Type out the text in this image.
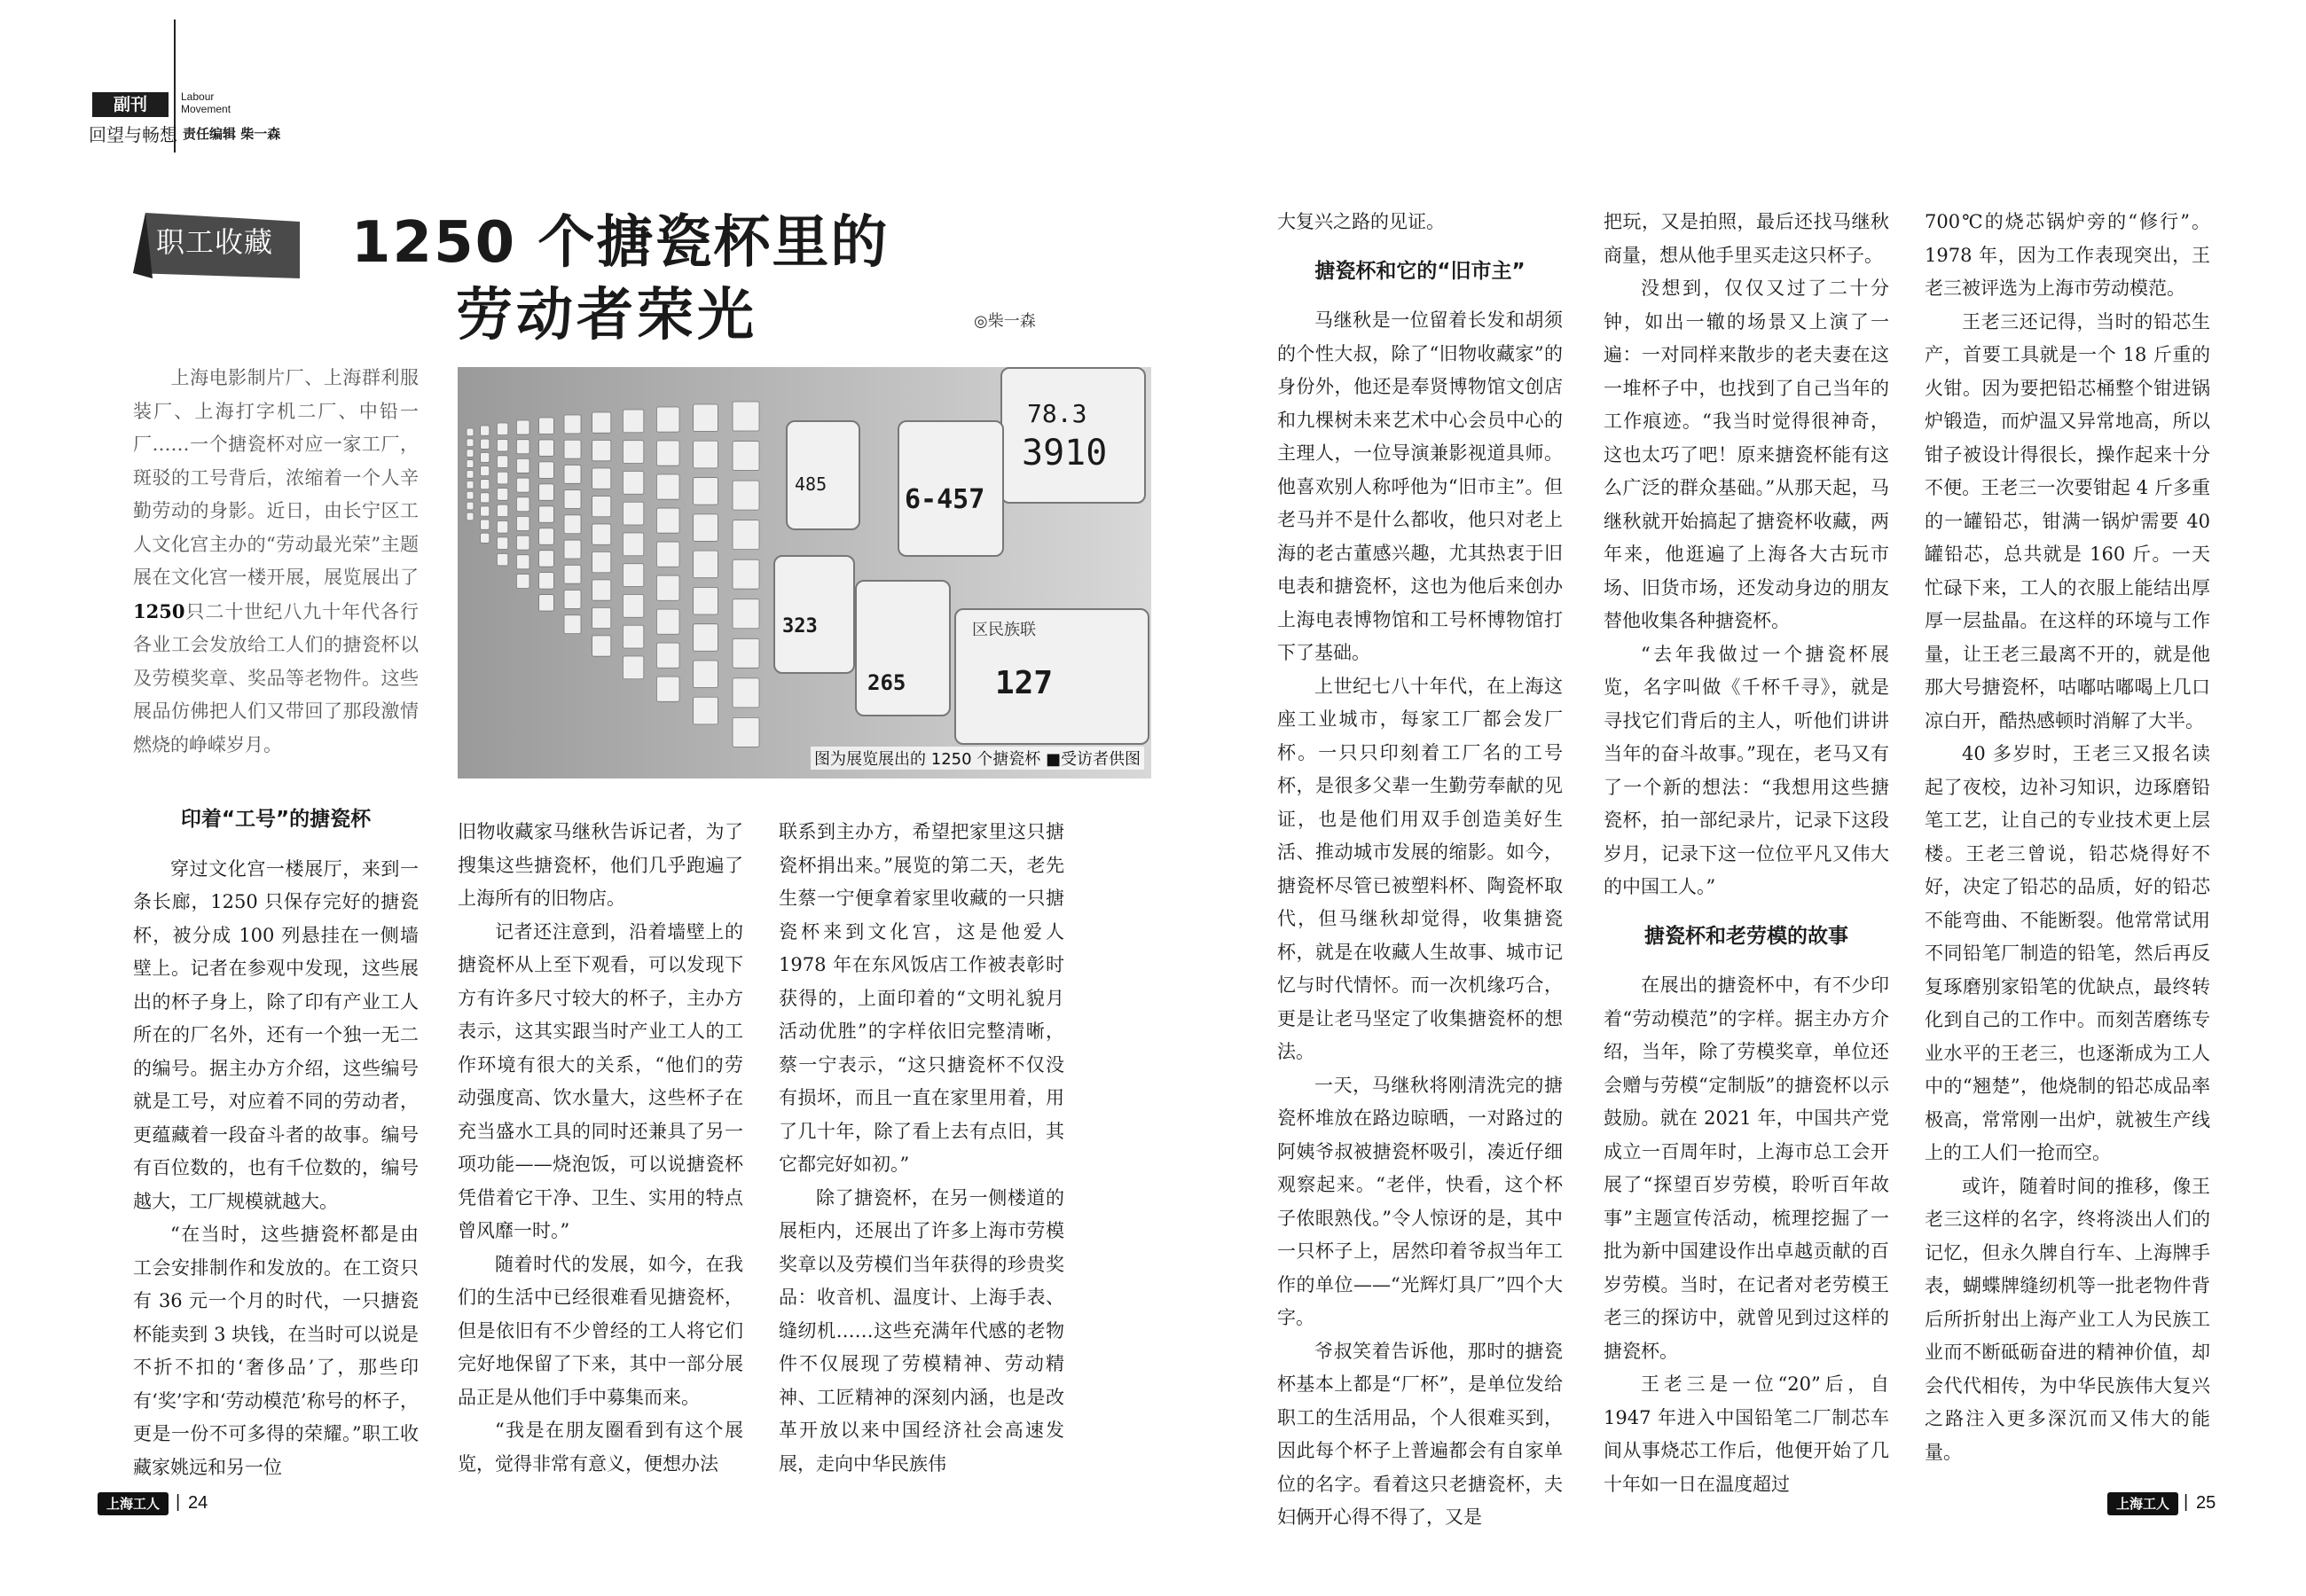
副刊	Labour
Movement
回望与畅想 责任编辑 柴一森
职工收藏 1250 个搪瓷杯里的
劳动者荣光	◎柴一森
上海电影制片厂、上海群利服装厂、上海打字机二厂、中铅一厂……一个搪瓷杯对应一家工厂，斑驳的工号背后，浓缩着一个人辛勤劳动的身影。近日，由长宁区工人文化宫主办的“劳动最光荣”主题展在文化宫一楼开展，展览展出了1250只二十世纪八九十年代各行各业工会发放给工人们的搪瓷杯以及劳模奖章、奖品等老物件。这些展品仿佛把人们又带回了那段激情燃烧的峥嵘岁月。
78.3
3910
6-457
区民族联
127
265
323
485
图为展览展出的 1250 个搪瓷杯 ■受访者供图
印着“工号”的搪瓷杯

穿过文化宫一楼展厅，来到一条长廊，1250 只保存完好的搪瓷杯，被分成 100 列悬挂在一侧墙壁上。记者在参观中发现，这些展出的杯子身上，除了印有产业工人所在的厂名外，还有一个独一无二的编号。据主办方介绍，这些编号就是工号，对应着不同的劳动者，更蕴藏着一段奋斗者的故事。编号有百位数的，也有千位数的，编号越大，工厂规模就越大。

“在当时，这些搪瓷杯都是由工会安排制作和发放的。在工资只有 36 元一个月的时代，一只搪瓷杯能卖到 3 块钱，在当时可以说是不折不扣的‘奢侈品’了，那些印有‘奖’字和‘劳动模范’称号的杯子，更是一份不可多得的荣耀。”职工收藏家姚远和另一位

旧物收藏家马继秋告诉记者，为了搜集这些搪瓷杯，他们几乎跑遍了上海所有的旧物店。

记者还注意到，沿着墙壁上的搪瓷杯从上至下观看，可以发现下方有许多尺寸较大的杯子，主办方表示，这其实跟当时产业工人的工作环境有很大的关系，“他们的劳动强度高、饮水量大，这些杯子在充当盛水工具的同时还兼具了另一项功能——烧泡饭，可以说搪瓷杯凭借着它干净、卫生、实用的特点曾风靡一时。”

随着时代的发展，如今，在我们的生活中已经很难看见搪瓷杯，但是依旧有不少曾经的工人将它们完好地保留了下来，其中一部分展品正是从他们手中募集而来。

“我是在朋友圈看到有这个展览，觉得非常有意义，便想办法

联系到主办方，希望把家里这只搪瓷杯捐出来。”展览的第二天，老先生蔡一宁便拿着家里收藏的一只搪瓷杯来到文化宫，这是他爱人 1978 年在东风饭店工作被表彰时获得的，上面印着的“文明礼貌月活动优胜”的字样依旧完整清晰，蔡一宁表示，“这只搪瓷杯不仅没有损坏，而且一直在家里用着，用了几十年，除了看上去有点旧，其它都完好如初。”

除了搪瓷杯，在另一侧楼道的展柜内，还展出了许多上海市劳模奖章以及劳模们当年获得的珍贵奖品：收音机、温度计、上海手表、缝纫机……这些充满年代感的老物件不仅展现了劳模精神、劳动精神、工匠精神的深刻内涵，也是改革开放以来中国经济社会高速发展，走向中华民族伟

大复兴之路的见证。

搪瓷杯和它的“旧市主”

马继秋是一位留着长发和胡须的个性大叔，除了“旧物收藏家”的身份外，他还是奉贤博物馆文创店和九棵树未来艺术中心会员中心的主理人，一位导演兼影视道具师。他喜欢别人称呼他为“旧市主”。但老马并不是什么都收，他只对老上海的老古董感兴趣，尤其热衷于旧电表和搪瓷杯，这也为他后来创办上海电表博物馆和工号杯博物馆打下了基础。

上世纪七八十年代，在上海这座工业城市，每家工厂都会发厂杯。一只只印刻着工厂名的工号杯，是很多父辈一生勤劳奉献的见证，也是他们用双手创造美好生活、推动城市发展的缩影。如今，搪瓷杯尽管已被塑料杯、陶瓷杯取代，但马继秋却觉得，收集搪瓷杯，就是在收藏人生故事、城市记忆与时代情怀。而一次机缘巧合，更是让老马坚定了收集搪瓷杯的想法。

一天，马继秋将刚清洗完的搪瓷杯堆放在路边晾晒，一对路过的阿姨爷叔被搪瓷杯吸引，凑近仔细观察起来。“老伴，快看，这个杯子侬眼熟伐。”令人惊讶的是，其中一只杯子上，居然印着爷叔当年工作的单位——“光辉灯具厂”四个大字。

爷叔笑着告诉他，那时的搪瓷杯基本上都是“厂杯”，是单位发给职工的生活用品，个人很难买到，因此每个杯子上普遍都会有自家单位的名字。看着这只老搪瓷杯，夫妇俩开心得不得了，又是

把玩，又是拍照，最后还找马继秋商量，想从他手里买走这只杯子。

没想到，仅仅又过了二十分钟，如出一辙的场景又上演了一遍：一对同样来散步的老夫妻在这一堆杯子中，也找到了自己当年的工作痕迹。“我当时觉得很神奇，这也太巧了吧！原来搪瓷杯能有这么广泛的群众基础。”从那天起，马继秋就开始搞起了搪瓷杯收藏，两年来，他逛遍了上海各大古玩市场、旧货市场，还发动身边的朋友替他收集各种搪瓷杯。

“去年我做过一个搪瓷杯展览，名字叫做《千杯千寻》，就是寻找它们背后的主人，听他们讲讲当年的奋斗故事。”现在，老马又有了一个新的想法：“我想用这些搪瓷杯，拍一部纪录片，记录下这段岁月，记录下这一位位平凡又伟大的中国工人。”

搪瓷杯和老劳模的故事

在展出的搪瓷杯中，有不少印着“劳动模范”的字样。据主办方介绍，当年，除了劳模奖章，单位还会赠与劳模“定制版”的搪瓷杯以示鼓励。就在 2021 年，中国共产党成立一百周年时，上海市总工会开展了“探望百岁劳模，聆听百年故事”主题宣传活动，梳理挖掘了一批为新中国建设作出卓越贡献的百岁劳模。当时，在记者对老劳模王老三的探访中，就曾见到过这样的搪瓷杯。

王老三是一位“20”后，自 1947 年进入中国铅笔二厂制芯车间从事烧芯工作后，他便开始了几十年如一日在温度超过

700℃的烧芯锅炉旁的“修行”。1978 年，因为工作表现突出，王老三被评选为上海市劳动模范。

王老三还记得，当时的铅芯生产，首要工具就是一个 18 斤重的火钳。因为要把铅芯桶整个钳进锅炉锻造，而炉温又异常地高，所以钳子被设计得很长，操作起来十分不便。王老三一次要钳起 4 斤多重的一罐铅芯，钳满一锅炉需要 40 罐铅芯，总共就是 160 斤。一天忙碌下来，工人的衣服上能结出厚厚一层盐晶。在这样的环境与工作量，让王老三最离不开的，就是他那大号搪瓷杯，咕嘟咕嘟喝上几口凉白开，酷热感顿时消解了大半。

40 多岁时，王老三又报名读起了夜校，边补习知识，边琢磨铅笔工艺，让自己的专业技术更上层楼。王老三曾说，铅芯烧得好不好，决定了铅芯的品质，好的铅芯不能弯曲、不能断裂。他常常试用不同铅笔厂制造的铅笔，然后再反复琢磨别家铅笔的优缺点，最终转化到自己的工作中。而刻苦磨练专业水平的王老三，也逐渐成为工人中的“翘楚”，他烧制的铅芯成品率极高，常常刚一出炉，就被生产线上的工人们一抢而空。

或许，随着时间的推移，像王老三这样的名字，终将淡出人们的记忆，但永久牌自行车、上海牌手表，蝴蝶牌缝纫机等一批老物件背后所折射出上海产业工人为民族工业而不断砥砺奋进的精神价值，却会代代相传，为中华民族伟大复兴之路注入更多深沉而又伟大的能量。

上海工人 | 24	上海工人 | 25
